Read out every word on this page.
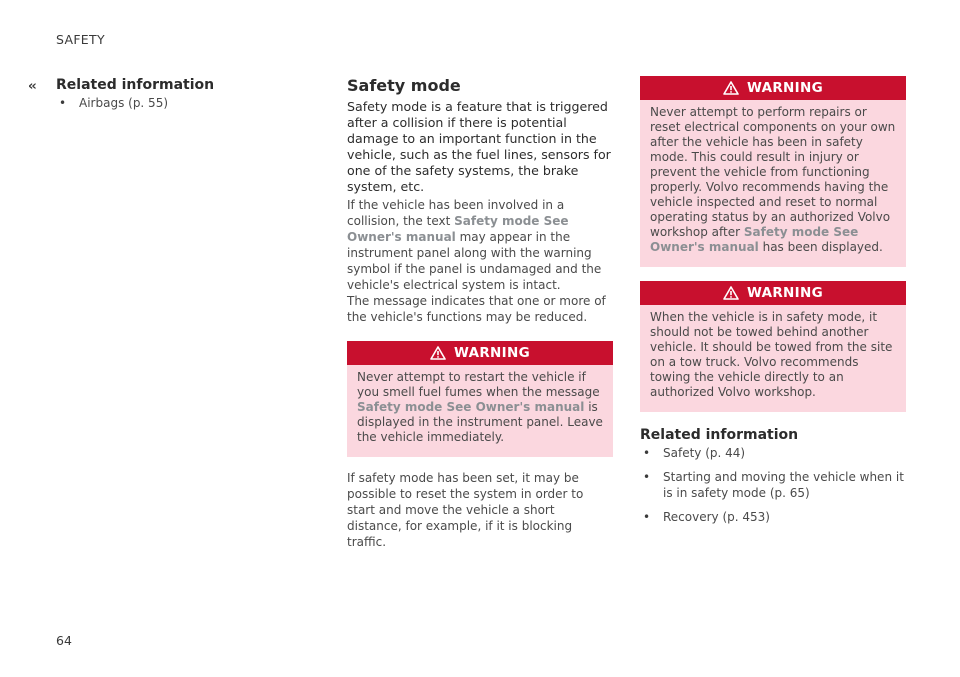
SAFETY
‹‹ Related information
• Airbags (p. 55)
Safety mode

Safety mode is a feature that is triggered after a collision if there is potential damage to an important function in the vehicle, such as the fuel lines, sensors for one of the safety systems, the brake system, etc.

If the vehicle has been involved in a collision, the text Safety mode See Owner's manual may appear in the instrument panel along with the warning symbol if the panel is undamaged and the vehicle's electrical system is intact.

The message indicates that one or more of the vehicle's functions may be reduced.

WARNING
Never attempt to restart the vehicle if you smell fuel fumes when the message Safety mode See Owner's manual is displayed in the instrument panel. Leave the vehicle immediately.

If safety mode has been set, it may be possible to reset the system in order to start and move the vehicle a short distance, for example, if it is blocking traffic.

WARNING
Never attempt to perform repairs or reset electrical components on your own after the vehicle has been in safety mode. This could result in injury or prevent the vehicle from functioning properly. Volvo recommends having the vehicle inspected and reset to normal operating status by an authorized Volvo workshop after Safety mode See Owner's manual has been displayed.
WARNING
When the vehicle is in safety mode, it should not be towed behind another vehicle. It should be towed from the site on a tow truck. Volvo recommends towing the vehicle directly to an authorized Volvo workshop.
Related information
• Safety (p. 44)
• Starting and moving the vehicle when it is in safety mode (p. 65)
• Recovery (p. 453)
64
